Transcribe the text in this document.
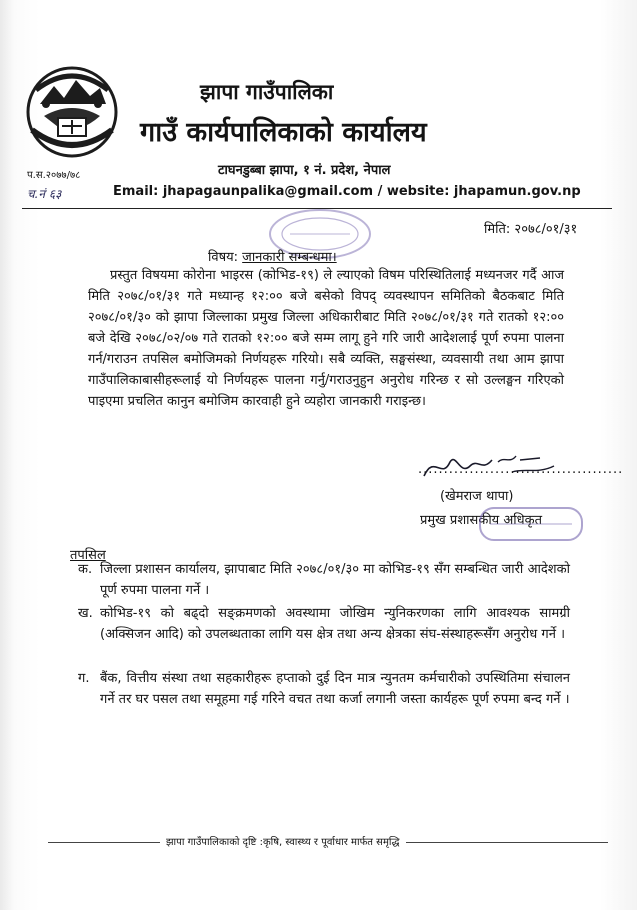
झापा गाउँपालिका
गाउँ कार्यपालिकाको कार्यालय
टाघनडुब्बा झापा, १ नं. प्रदेश, नेपाल
प.स.२०७७/७८
च.नं ६३	Email: jhapagaunpalika@gmail.com / website: jhapamun.gov.np
मिति: २०७८/०१/३१
विषय: जानकारी सम्बन्धमा।
प्रस्तुत विषयमा कोरोना भाइरस (कोभिड-१९) ले ल्याएको विषम परिस्थितिलाई मध्यनजर गर्दै आज मिति २०७८/०१/३१ गते मध्यान्ह १२:०० बजे बसेको विपद् व्यवस्थापन समितिको बैठकबाट मिति २०७८/०१/३० को झापा जिल्लाका प्रमुख जिल्ला अधिकारीबाट मिति २०७८/०१/३१ गते रातको १२:०० बजे देखि २०७८/०२/०७ गते रातको १२:०० बजे सम्म लागू हुने गरि जारी आदेशलाई पूर्ण रुपमा पालना गर्न/गराउन तपसिल बमोजिमको निर्णयहरू गरियो। सबै व्यक्ति, सङ्घसंस्था, व्यवसायी तथा आम झापा गाउँपालिकाबासीहरूलाई यो निर्णयहरू पालना गर्नु/गराउनुहुन अनुरोध गरिन्छ र सो उल्लङ्घन गरिएको पाइएमा प्रचलित कानुन बमोजिम कारवाही हुने व्यहोरा जानकारी गराइन्छ।
........................................
(खेमराज थापा)
प्रमुख प्रशासकीय अधिकृत
तपसिल
क. जिल्ला प्रशासन कार्यालय, झापाबाट मिति २०७८/०१/३० मा कोभिड-१९ सँग सम्बन्धित जारी आदेशको पूर्ण रुपमा पालना गर्ने ।
ख. कोभिड-१९ को बढ्दो सङ्क्रमणको अवस्थामा जोखिम न्युनिकरणका लागि आवश्यक सामग्री (अक्सिजन आदि) को उपलब्धताका लागि यस क्षेत्र तथा अन्य क्षेत्रका संघ-संस्थाहरूसँग अनुरोध गर्ने ।
ग. बैंक, वित्तीय संस्था तथा सहकारीहरू हप्ताको दुई दिन मात्र न्युनतम कर्मचारीको उपस्थितिमा संचालन गर्ने तर घर पसल तथा समूहमा गई गरिने वचत तथा कर्जा लगानी जस्ता कार्यहरू पूर्ण रुपमा बन्द गर्ने ।
झापा गाउँपालिकाको दृष्टि :कृषि, स्वास्थ्य र पूर्वाधार मार्फत समृद्धि
